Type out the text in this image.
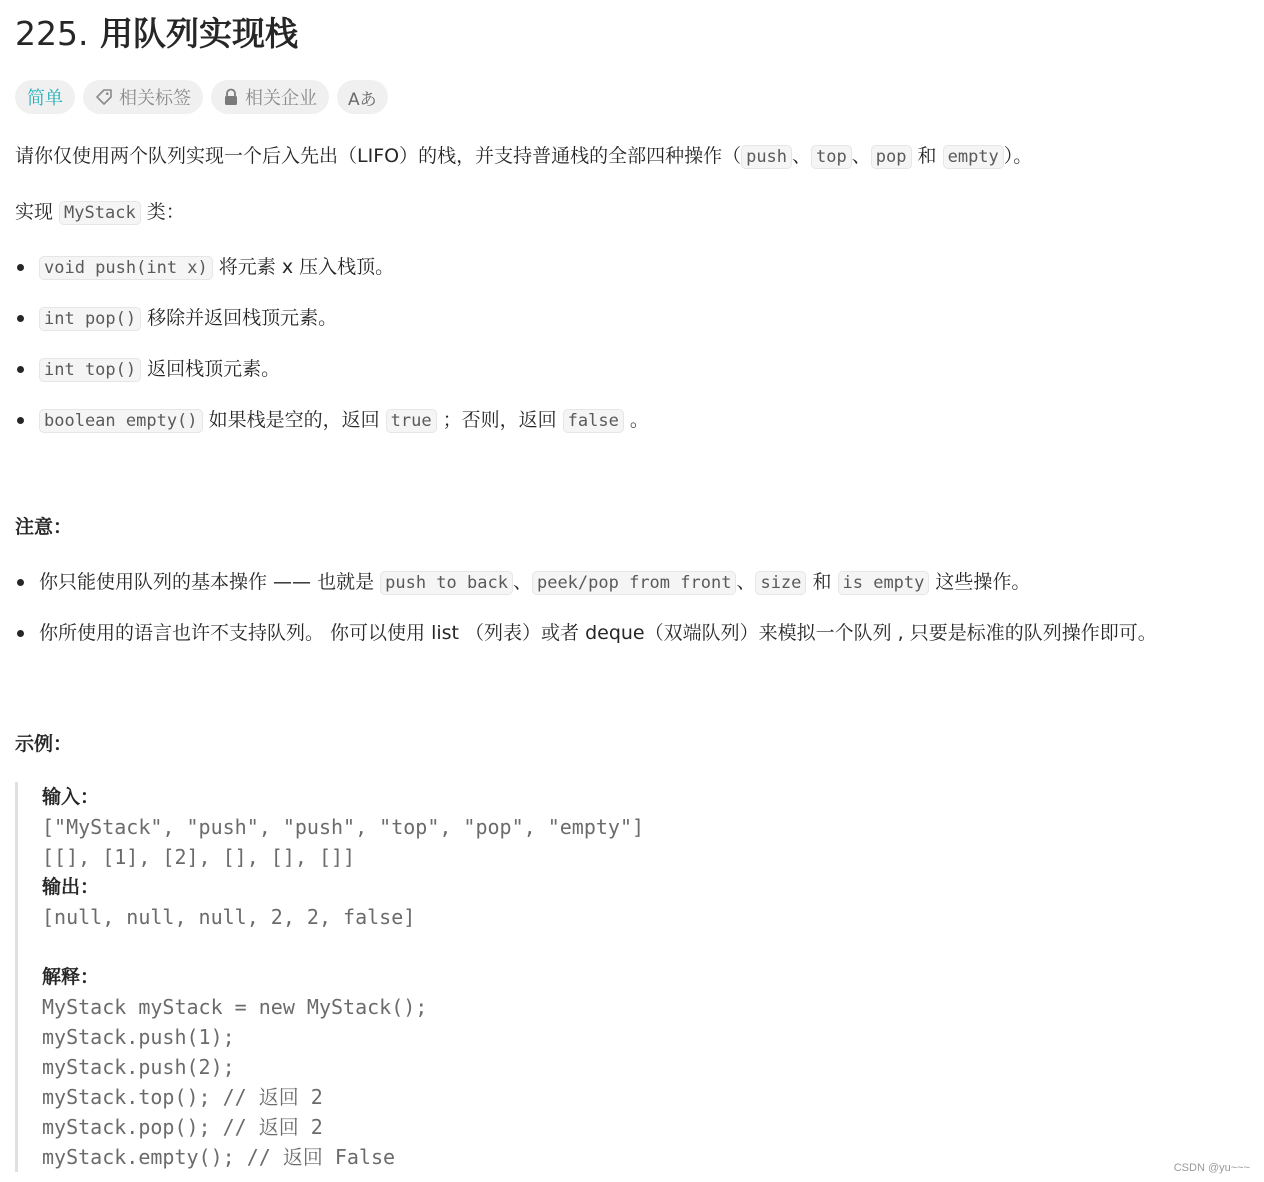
225. 用队列实现栈
简单	相关标签	相关企业 Aあ

请你仅使用两个队列实现一个后入先出（LIFO）的栈，并支持普通栈的全部四种操作（ push 、 top 、 pop 和 empty ）。

实现 MyStack 类：

void push(int x) 将元素 x 压入栈顶。
int pop() 移除并返回栈顶元素。
int top() 返回栈顶元素。
boolean empty() 如果栈是空的，返回 true ；否则，返回 false 。

注意：

你只能使用队列的基本操作 —— 也就是 push to back 、 peek/pop from front 、 size 和 is empty 这些操作。
你所使用的语言也许不支持队列。 你可以使用 list （列表）或者 deque（双端队列）来模拟一个队列 , 只要是标准的队列操作即可。

示例：

输入：
["MyStack", "push", "push", "top", "pop", "empty"]
[[], [1], [2], [], [], []]
输出：
[null, null, null, 2, 2, false]
解释：
MyStack myStack = new MyStack();
myStack.push(1);
myStack.push(2);
myStack.top(); // 返回 2
myStack.pop(); // 返回 2
myStack.empty(); // 返回 False	CSDN @yu~~~
